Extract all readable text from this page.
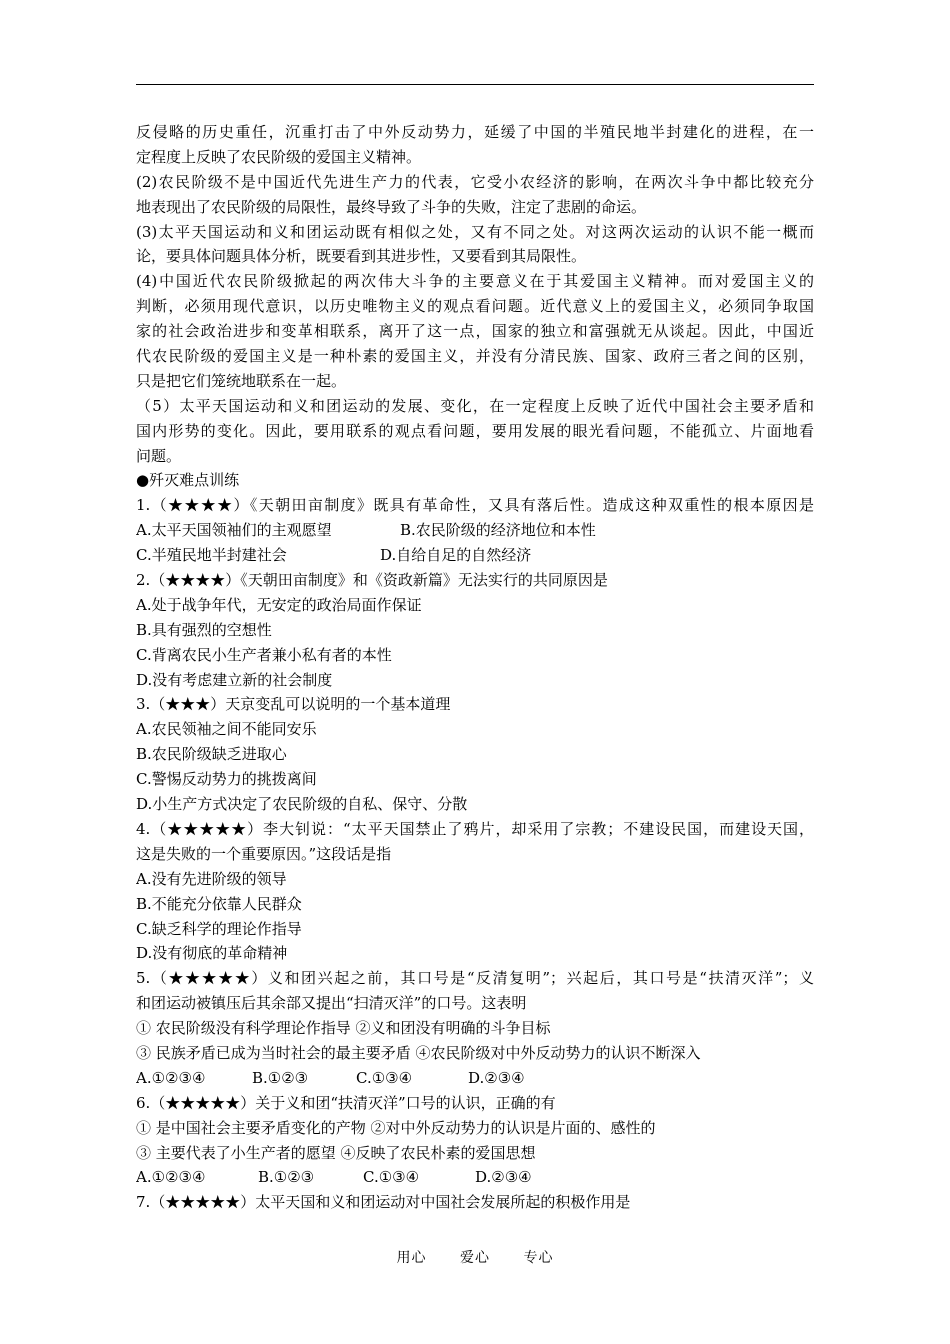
反侵略的历史重任，沉重打击了中外反动势力，延缓了中国的半殖民地半封建化的进程，在一
定程度上反映了农民阶级的爱国主义精神。
(2)农民阶级不是中国近代先进生产力的代表，它受小农经济的影响，在两次斗争中都比较充分
地表现出了农民阶级的局限性，最终导致了斗争的失败，注定了悲剧的命运。
(3)太平天国运动和义和团运动既有相似之处，又有不同之处。对这两次运动的认识不能一概而
论，要具体问题具体分析，既要看到其进步性，又要看到其局限性。
(4)中国近代农民阶级掀起的两次伟大斗争的主要意义在于其爱国主义精神。而对爱国主义的
判断，必须用现代意识，以历史唯物主义的观点看问题。近代意义上的爱国主义，必须同争取国
家的社会政治进步和变革相联系，离开了这一点，国家的独立和富强就无从谈起。因此，中国近
代农民阶级的爱国主义是一种朴素的爱国主义，并没有分清民族、国家、政府三者之间的区别，
只是把它们笼统地联系在一起。
（5）太平天国运动和义和团运动的发展、变化，在一定程度上反映了近代中国社会主要矛盾和
国内形势的变化。因此，要用联系的观点看问题，要用发展的眼光看问题，不能孤立、片面地看
问题。
●歼灭难点训练
1.（★★★★）《天朝田亩制度》既具有革命性，又具有落后性。造成这种双重性的根本原因是
A.太平天国领袖们的主观愿望	B.农民阶级的经济地位和本性
C.半殖民地半封建社会	D.自给自足的自然经济
2.（★★★★）《天朝田亩制度》和《资政新篇》无法实行的共同原因是
A.处于战争年代，无安定的政治局面作保证
B.具有强烈的空想性
C.背离农民小生产者兼小私有者的本性
D.没有考虑建立新的社会制度
3.（★★★）天京变乱可以说明的一个基本道理
A.农民领袖之间不能同安乐
B.农民阶级缺乏进取心
C.警惕反动势力的挑拨离间
D.小生产方式决定了农民阶级的自私、保守、分散
4.（★★★★★）李大钊说：“太平天国禁止了鸦片，却采用了宗教；不建设民国，而建设天国，
这是失败的一个重要原因。”这段话是指
A.没有先进阶级的领导
B.不能充分依靠人民群众
C.缺乏科学的理论作指导
D.没有彻底的革命精神
5.（★★★★★）义和团兴起之前，其口号是“反清复明”；兴起后，其口号是“扶清灭洋”；义
和团运动被镇压后其余部又提出“扫清灭洋”的口号。这表明
① 农民阶级没有科学理论作指导 ②义和团没有明确的斗争目标
③ 民族矛盾已成为当时社会的最主要矛盾 ④农民阶级对中外反动势力的认识不断深入
A.①②③④	B.①②③	C.①③④	D.②③④
6.（★★★★★）关于义和团“扶清灭洋”口号的认识，正确的有
① 是中国社会主要矛盾变化的产物 ②对中外反动势力的认识是片面的、感性的
③ 主要代表了小生产者的愿望 ④反映了农民朴素的爱国思想
A.①②③④	B.①②③	C.①③④	D.②③④
7.（★★★★★）太平天国和义和团运动对中国社会发展所起的积极作用是
用心 爱心 专心
